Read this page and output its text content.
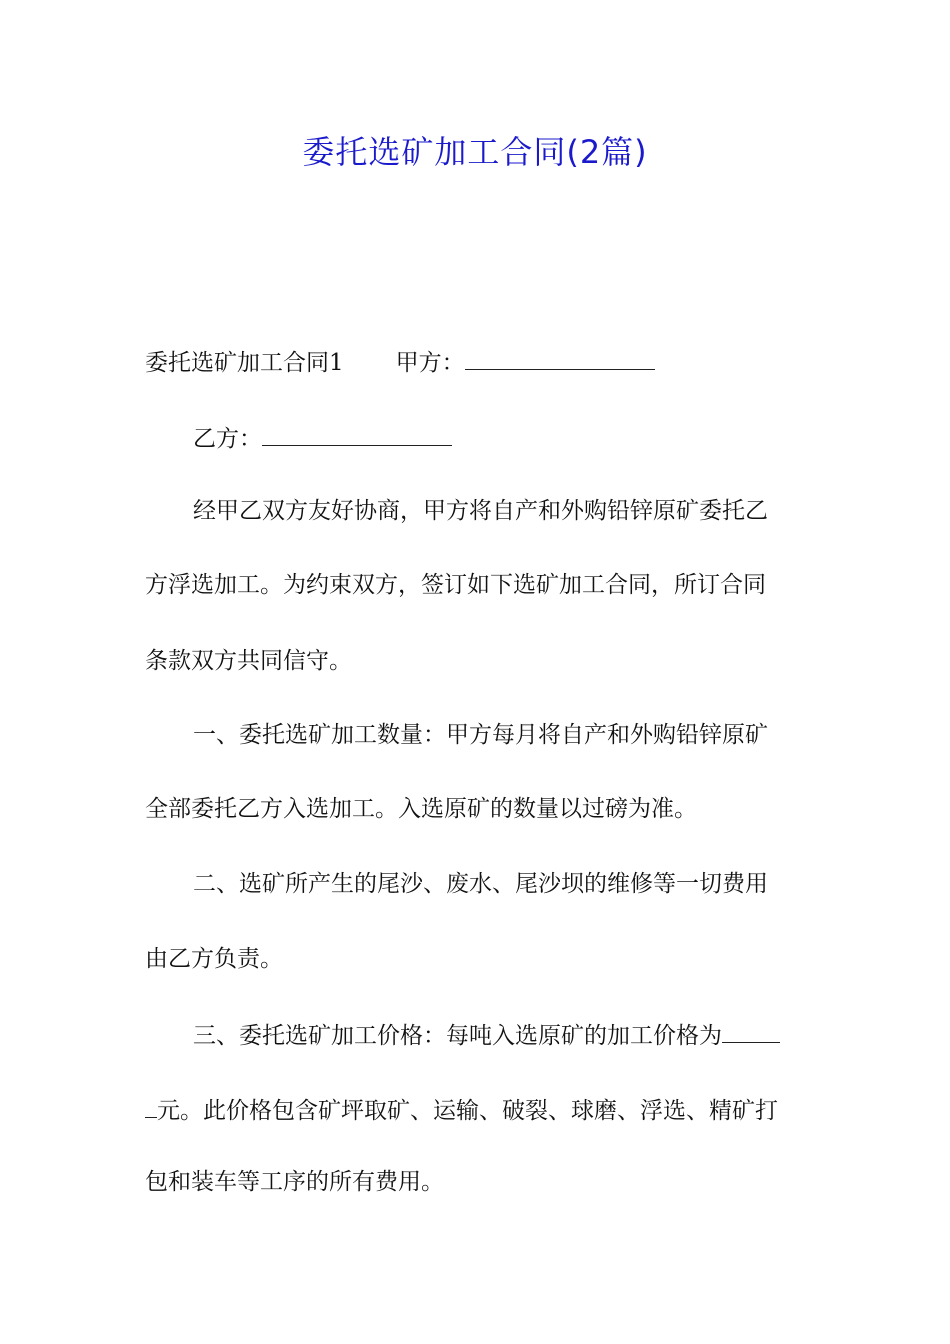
委托选矿加工合同(2篇)
委托选矿加工合同1 甲方：
乙方：
经甲乙双方友好协商，甲方将自产和外购铅锌原矿委托乙
方浮选加工。为约束双方，签订如下选矿加工合同，所订合同
条款双方共同信守。
一、委托选矿加工数量：甲方每月将自产和外购铅锌原矿
全部委托乙方入选加工。入选原矿的数量以过磅为准。
二、选矿所产生的尾沙、废水、尾沙坝的维修等一切费用
由乙方负责。
三、委托选矿加工价格：每吨入选原矿的加工价格为
元。此价格包含矿坪取矿、运输、破裂、球磨、浮选、精矿打
包和装车等工序的所有费用。
